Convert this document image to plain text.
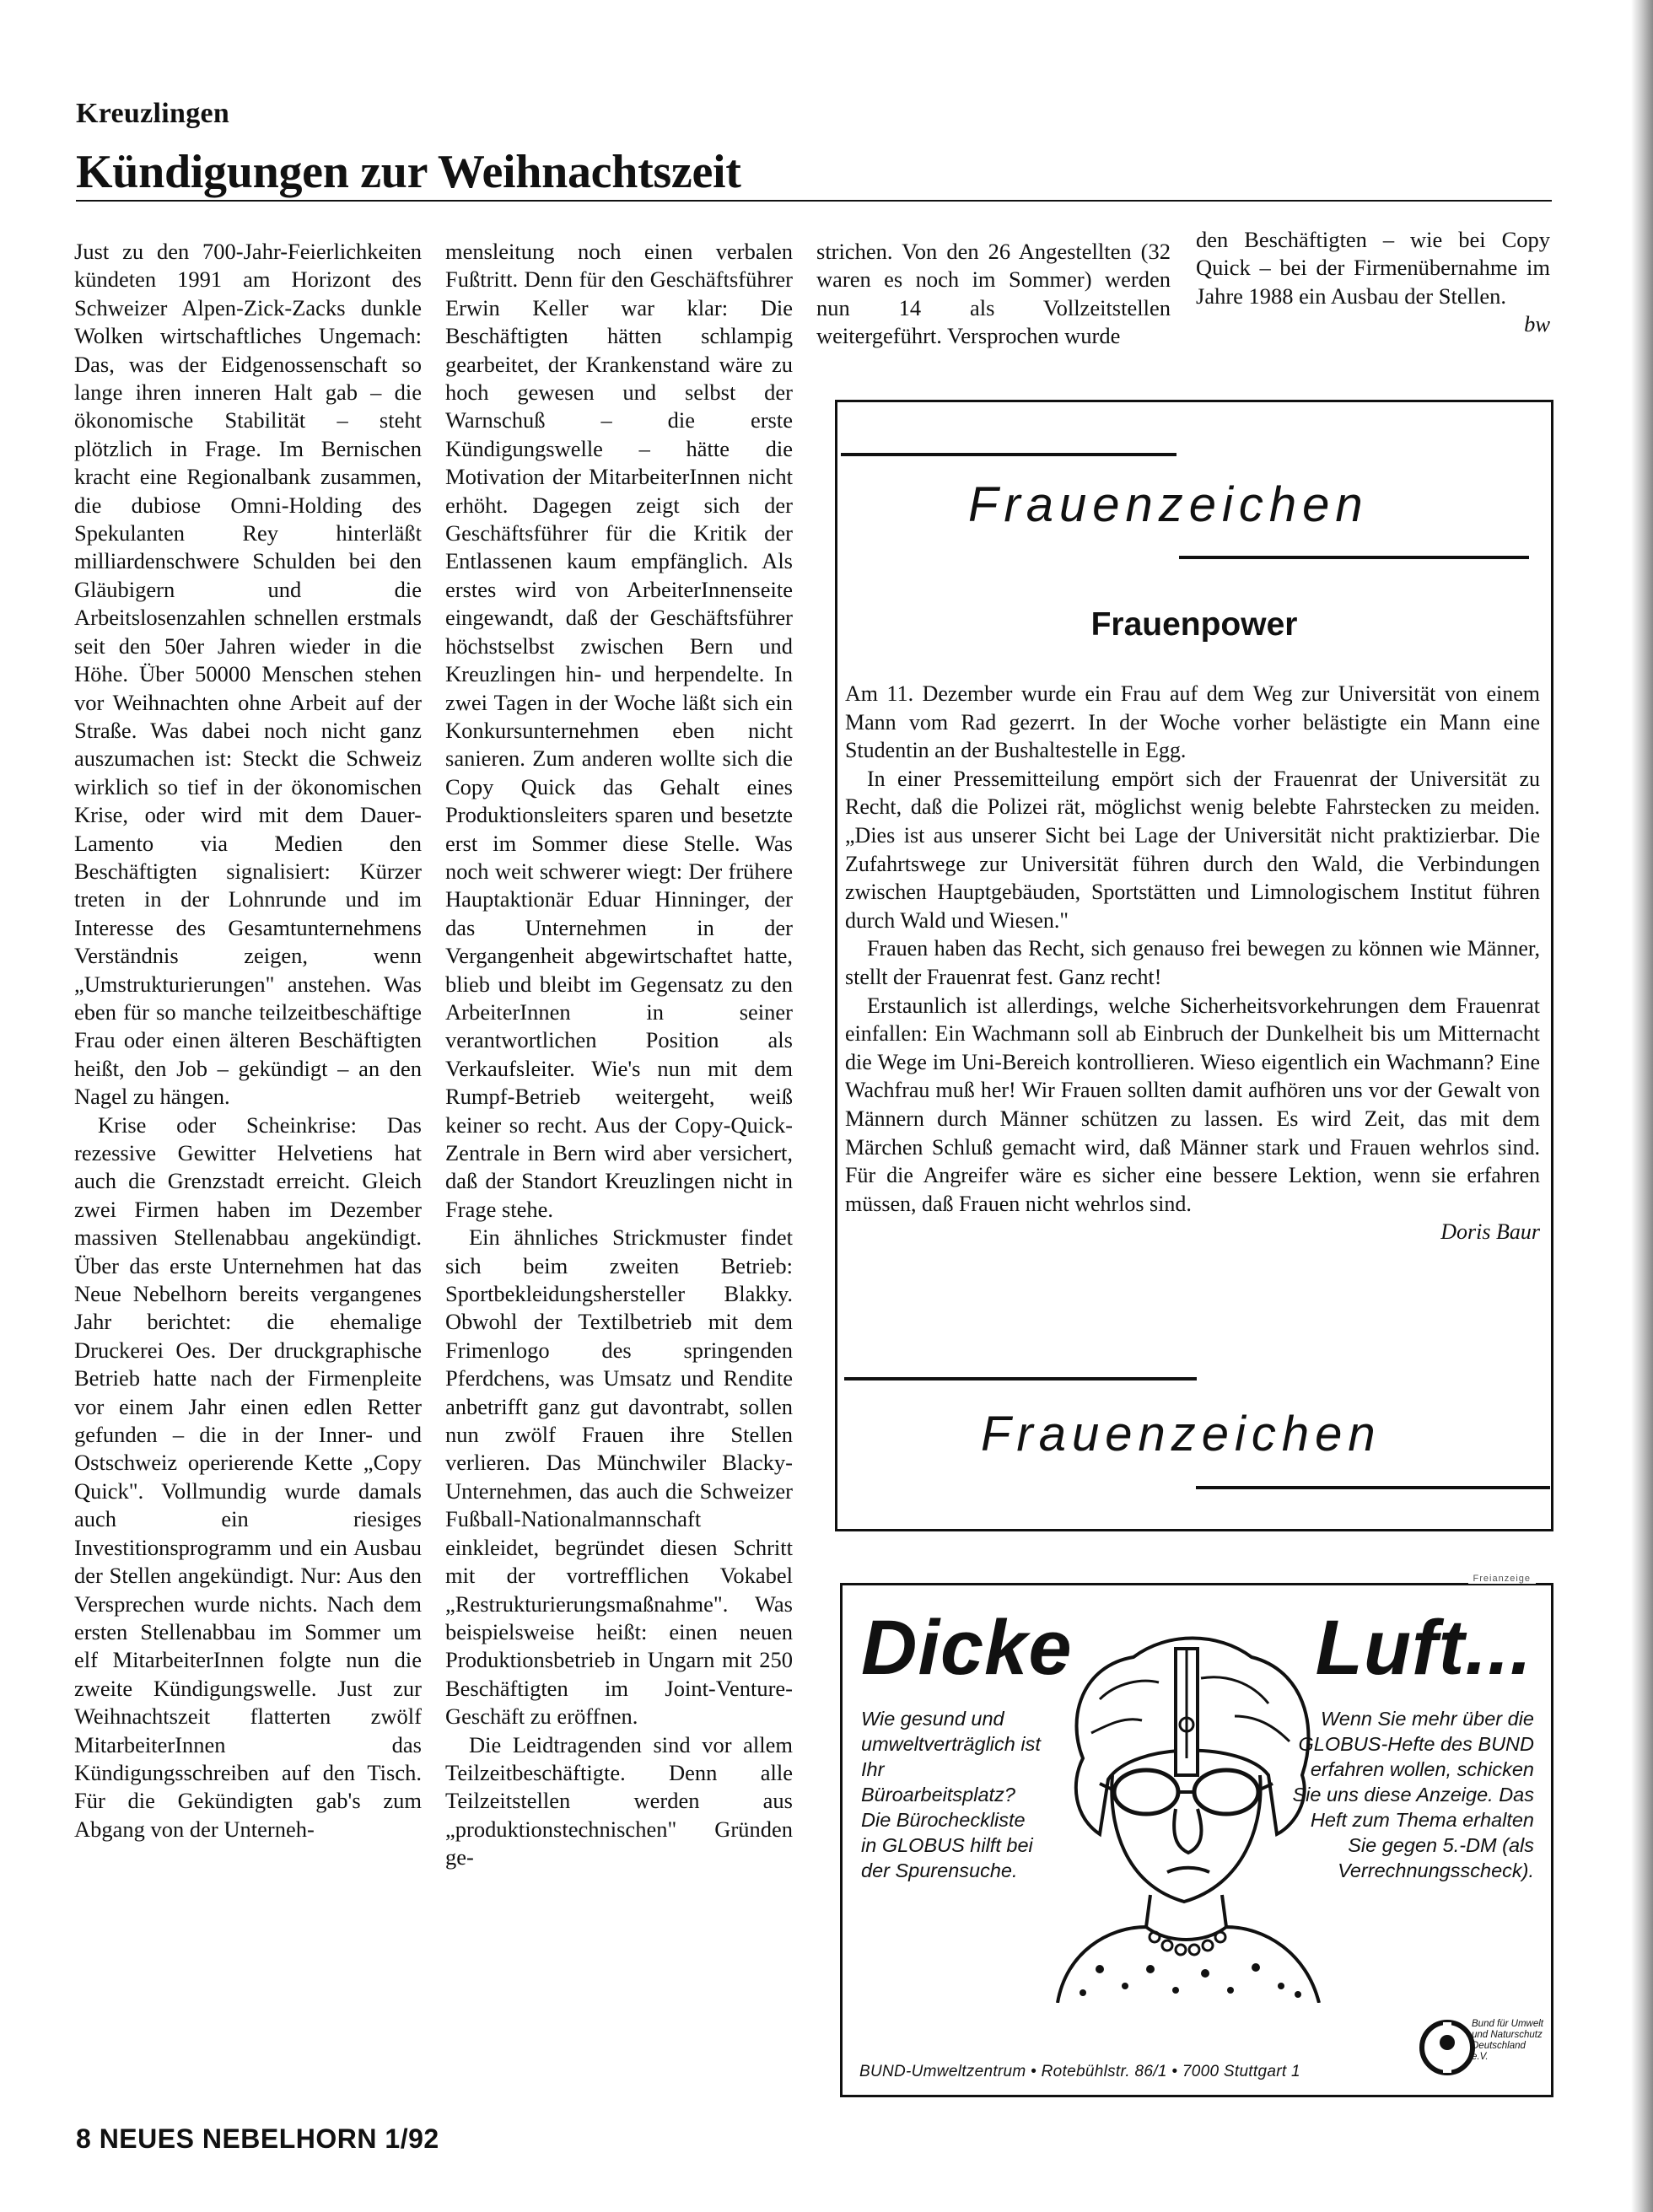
Kreuzlingen
Kündigungen zur Weihnachtszeit

Just zu den 700-Jahr-Feierlichkeiten kündeten 1991 am Horizont des Schweizer Alpen-Zick-Zacks dunkle Wolken wirtschaftliches Ungemach: Das, was der Eidgenossenschaft so lange ihren inneren Halt gab – die ökonomische Stabilität – steht plötzlich in Frage. Im Bernischen kracht eine Regionalbank zusammen, die dubiose Omni-Holding des Spekulanten Rey hinterläßt milliardenschwere Schulden bei den Gläubigern und die Arbeitslosenzahlen schnellen erstmals seit den 50er Jahren wieder in die Höhe. Über 50000 Menschen stehen vor Weihnachten ohne Arbeit auf der Straße. Was dabei noch nicht ganz auszumachen ist: Steckt die Schweiz wirklich so tief in der ökonomischen Krise, oder wird mit dem Dauer-Lamento via Medien den Beschäftigten signalisiert: Kürzer treten in der Lohnrunde und im Interesse des Gesamtunternehmens Verständnis zeigen, wenn „Umstrukturierungen" anstehen. Was eben für so manche teilzeitbeschäftige Frau oder einen älteren Beschäftigten heißt, den Job – gekündigt – an den Nagel zu hängen.

Krise oder Scheinkrise: Das rezessive Gewitter Helvetiens hat auch die Grenzstadt erreicht. Gleich zwei Firmen haben im Dezember massiven Stellenabbau angekündigt. Über das erste Unternehmen hat das Neue Nebelhorn bereits vergangenes Jahr berichtet: die ehemalige Druckerei Oes. Der druckgraphische Betrieb hatte nach der Firmenpleite vor einem Jahr einen edlen Retter gefunden – die in der Inner- und Ostschweiz operierende Kette „Copy Quick". Vollmundig wurde damals auch ein riesiges Investitionsprogramm und ein Ausbau der Stellen angekündigt. Nur: Aus den Versprechen wurde nichts. Nach dem ersten Stellenabbau im Sommer um elf MitarbeiterInnen folgte nun die zweite Kündigungswelle. Just zur Weihnachtszeit flatterten zwölf MitarbeiterInnen das Kündigungsschreiben auf den Tisch. Für die Gekündigten gab's zum Abgang von der Unterneh-

mensleitung noch einen verbalen Fußtritt. Denn für den Geschäftsführer Erwin Keller war klar: Die Beschäftigten hätten schlampig gearbeitet, der Krankenstand wäre zu hoch gewesen und selbst der Warnschuß – die erste Kündigungswelle – hätte die Motivation der MitarbeiterInnen nicht erhöht. Dagegen zeigt sich der Geschäftsführer für die Kritik der Entlassenen kaum empfänglich. Als erstes wird von ArbeiterInnenseite eingewandt, daß der Geschäftsführer höchstselbst zwischen Bern und Kreuzlingen hin- und herpendelte. In zwei Tagen in der Woche läßt sich ein Konkursunternehmen eben nicht sanieren. Zum anderen wollte sich die Copy Quick das Gehalt eines Produktionsleiters sparen und besetzte erst im Sommer diese Stelle. Was noch weit schwerer wiegt: Der frühere Hauptaktionär Eduar Hinninger, der das Unternehmen in der Vergangenheit abgewirtschaftet hatte, blieb und bleibt im Gegensatz zu den ArbeiterInnen in seiner verantwortlichen Position als Verkaufsleiter. Wie's nun mit dem Rumpf-Betrieb weitergeht, weiß keiner so recht. Aus der Copy-Quick-Zentrale in Bern wird aber versichert, daß der Standort Kreuzlingen nicht in Frage stehe.

Ein ähnliches Strickmuster findet sich beim zweiten Betrieb: Sportbekleidungshersteller Blakky. Obwohl der Textilbetrieb mit dem Frimenlogo des springenden Pferdchens, was Umsatz und Rendite anbetrifft ganz gut davontrabt, sollen nun zwölf Frauen ihre Stellen verlieren. Das Münchwiler Blacky-Unternehmen, das auch die Schweizer Fußball-Nationalmannschaft einkleidet, begründet diesen Schritt mit der vortrefflichen Vokabel „Restrukturierungsmaßnahme". Was beispielsweise heißt: einen neuen Produktionsbetrieb in Ungarn mit 250 Beschäftigten im Joint-Venture-Geschäft zu eröffnen.

Die Leidtragenden sind vor allem Teilzeitbeschäftigte. Denn alle Teilzeitstellen werden aus „produktionstechnischen" Gründen ge-

strichen. Von den 26 Angestellten (32 waren es noch im Sommer) werden nun 14 als Vollzeitstellen weitergeführt. Versprochen wurde

den Beschäftigten – wie bei Copy Quick – bei der Firmenübernahme im Jahre 1988 ein Ausbau der Stellen.

bw

Frauenzeichen
Frauenpower
Frauenzeichen

Am 11. Dezember wurde ein Frau auf dem Weg zur Universität von einem Mann vom Rad gezerrt. In der Woche vorher belästigte ein Mann eine Studentin an der Bushaltestelle in Egg.

In einer Pressemitteilung empört sich der Frauenrat der Universität zu Recht, daß die Polizei rät, möglichst wenig belebte Fahrstecken zu meiden. „Dies ist aus unserer Sicht bei Lage der Universität nicht praktizierbar. Die Zufahrtswege zur Universität führen durch den Wald, die Verbindungen zwischen Hauptgebäuden, Sportstätten und Limnologischem Institut führen durch Wald und Wiesen."

Frauen haben das Recht, sich genauso frei bewegen zu können wie Männer, stellt der Frauenrat fest. Ganz recht!

Erstaunlich ist allerdings, welche Sicherheitsvorkehrungen dem Frauenrat einfallen: Ein Wachmann soll ab Einbruch der Dunkelheit bis um Mitternacht die Wege im Uni-Bereich kontrollieren. Wieso eigentlich ein Wachmann? Eine Wachfrau muß her! Wir Frauen sollten damit aufhören uns vor der Gewalt von Männern durch Männer schützen zu lassen. Es wird Zeit, das mit dem Märchen Schluß gemacht wird, daß Männer stark und Frauen wehrlos sind. Für die Angreifer wäre es sicher eine bessere Lektion, wenn sie erfahren müssen, daß Frauen nicht wehrlos sind.

Doris Baur

Freianzeige
Dicke	Luft...
Wie gesund und umweltverträglich ist Ihr Büroarbeitsplatz? Die Bürocheckliste in GLOBUS hilft bei der Spurensuche.
Wenn Sie mehr über die GLOBUS-Hefte des BUND erfahren wollen, schicken Sie uns diese Anzeige. Das Heft zum Thema erhalten Sie gegen 5.-DM (als Verrechnungsscheck).
Bund für Umwelt und Naturschutz Deutschland e.V.
BUND-Umweltzentrum • Rotebühlstr. 86/1 • 7000 Stuttgart 1
8 NEUES NEBELHORN 1/92
